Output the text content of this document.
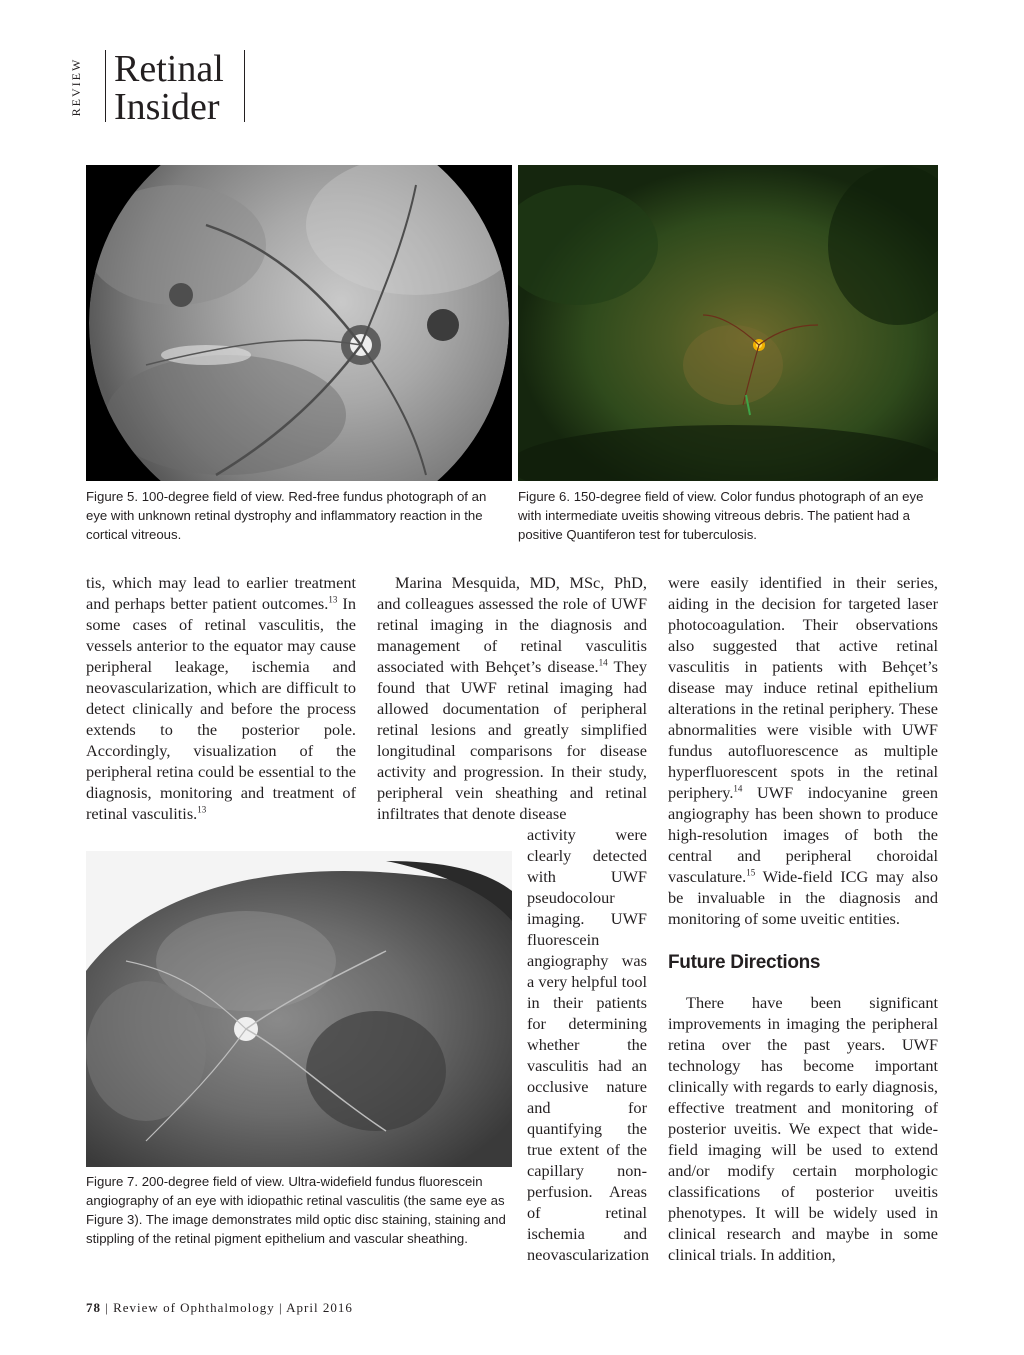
REVIEW Retinal
Insider
Figure 5. 100-degree field of view. Red-free fundus photograph of an eye with unknown retinal dystrophy and inflammatory reaction in the cortical vitreous.
Figure 6. 150-degree field of view. Color fundus photograph of an eye with intermediate uveitis showing vitreous debris. The patient had a positive Quantiferon test for tuberculosis.

tis, which may lead to earlier treatment and perhaps better patient outcomes.$^{13}$ In some cases of retinal vasculitis, the vessels anterior to the equator may cause peripheral leakage, ischemia and neovascularization, which are difficult to detect clinically and before the process extends to the posterior pole. Accordingly, visualization of the peripheral retina could be essential to the diagnosis, monitoring and treatment of retinal vasculitis.$^{13}$

Marina Mesquida, MD, MSc, PhD, and colleagues assessed the role of UWF retinal imaging in the diagnosis and management of retinal vasculitis associated with Behçet’s disease.$^{14}$ They found that UWF retinal imaging had allowed documentation of peripheral retinal lesions and greatly simplified longitudinal comparisons for disease activity and progression. In their study, peripheral vein sheathing and retinal infiltrates that denote disease

activity were clearly detected with UWF pseudocolour imaging. UWF fluorescein angiography was a very helpful tool in their patients for determining whether the vasculitis had an occlusive nature and for quantifying the true extent of the capillary non-perfusion. Areas of retinal ischemia and neovascularization

Figure 7. 200-degree field of view. Ultra-widefield fundus fluorescein angiography of an eye with idiopathic retinal vasculitis (the same eye as Figure 3). The image demonstrates mild optic disc staining, staining and stippling of the retinal pigment epithelium and vascular sheathing.

were easily identified in their series, aiding in the decision for targeted laser photocoagulation. Their observations also suggested that active retinal vasculitis in patients with Behçet’s disease may induce retinal epithelium alterations in the retinal periphery. These abnormalities were visible with UWF fundus autofluorescence as multiple hyperfluorescent spots in the retinal periphery.$^{14}$ UWF indocyanine green angiography has been shown to produce high-resolution images of both the central and peripheral choroidal vasculature.$^{15}$ Wide-field ICG may also be invaluable in the diagnosis and monitoring of some uveitic entities.

Future Directions

There have been significant improvements in imaging the peripheral retina over the past years. UWF technology has become important clinically with regards to early diagnosis, effective treatment and monitoring of posterior uveitis. We expect that wide-field imaging will be used to extend and/or modify certain morphologic classifications of posterior uveitis phenotypes. It will be widely used in clinical research and maybe in some clinical trials. In addition,

78 | Review of Ophthalmology | April 2016
